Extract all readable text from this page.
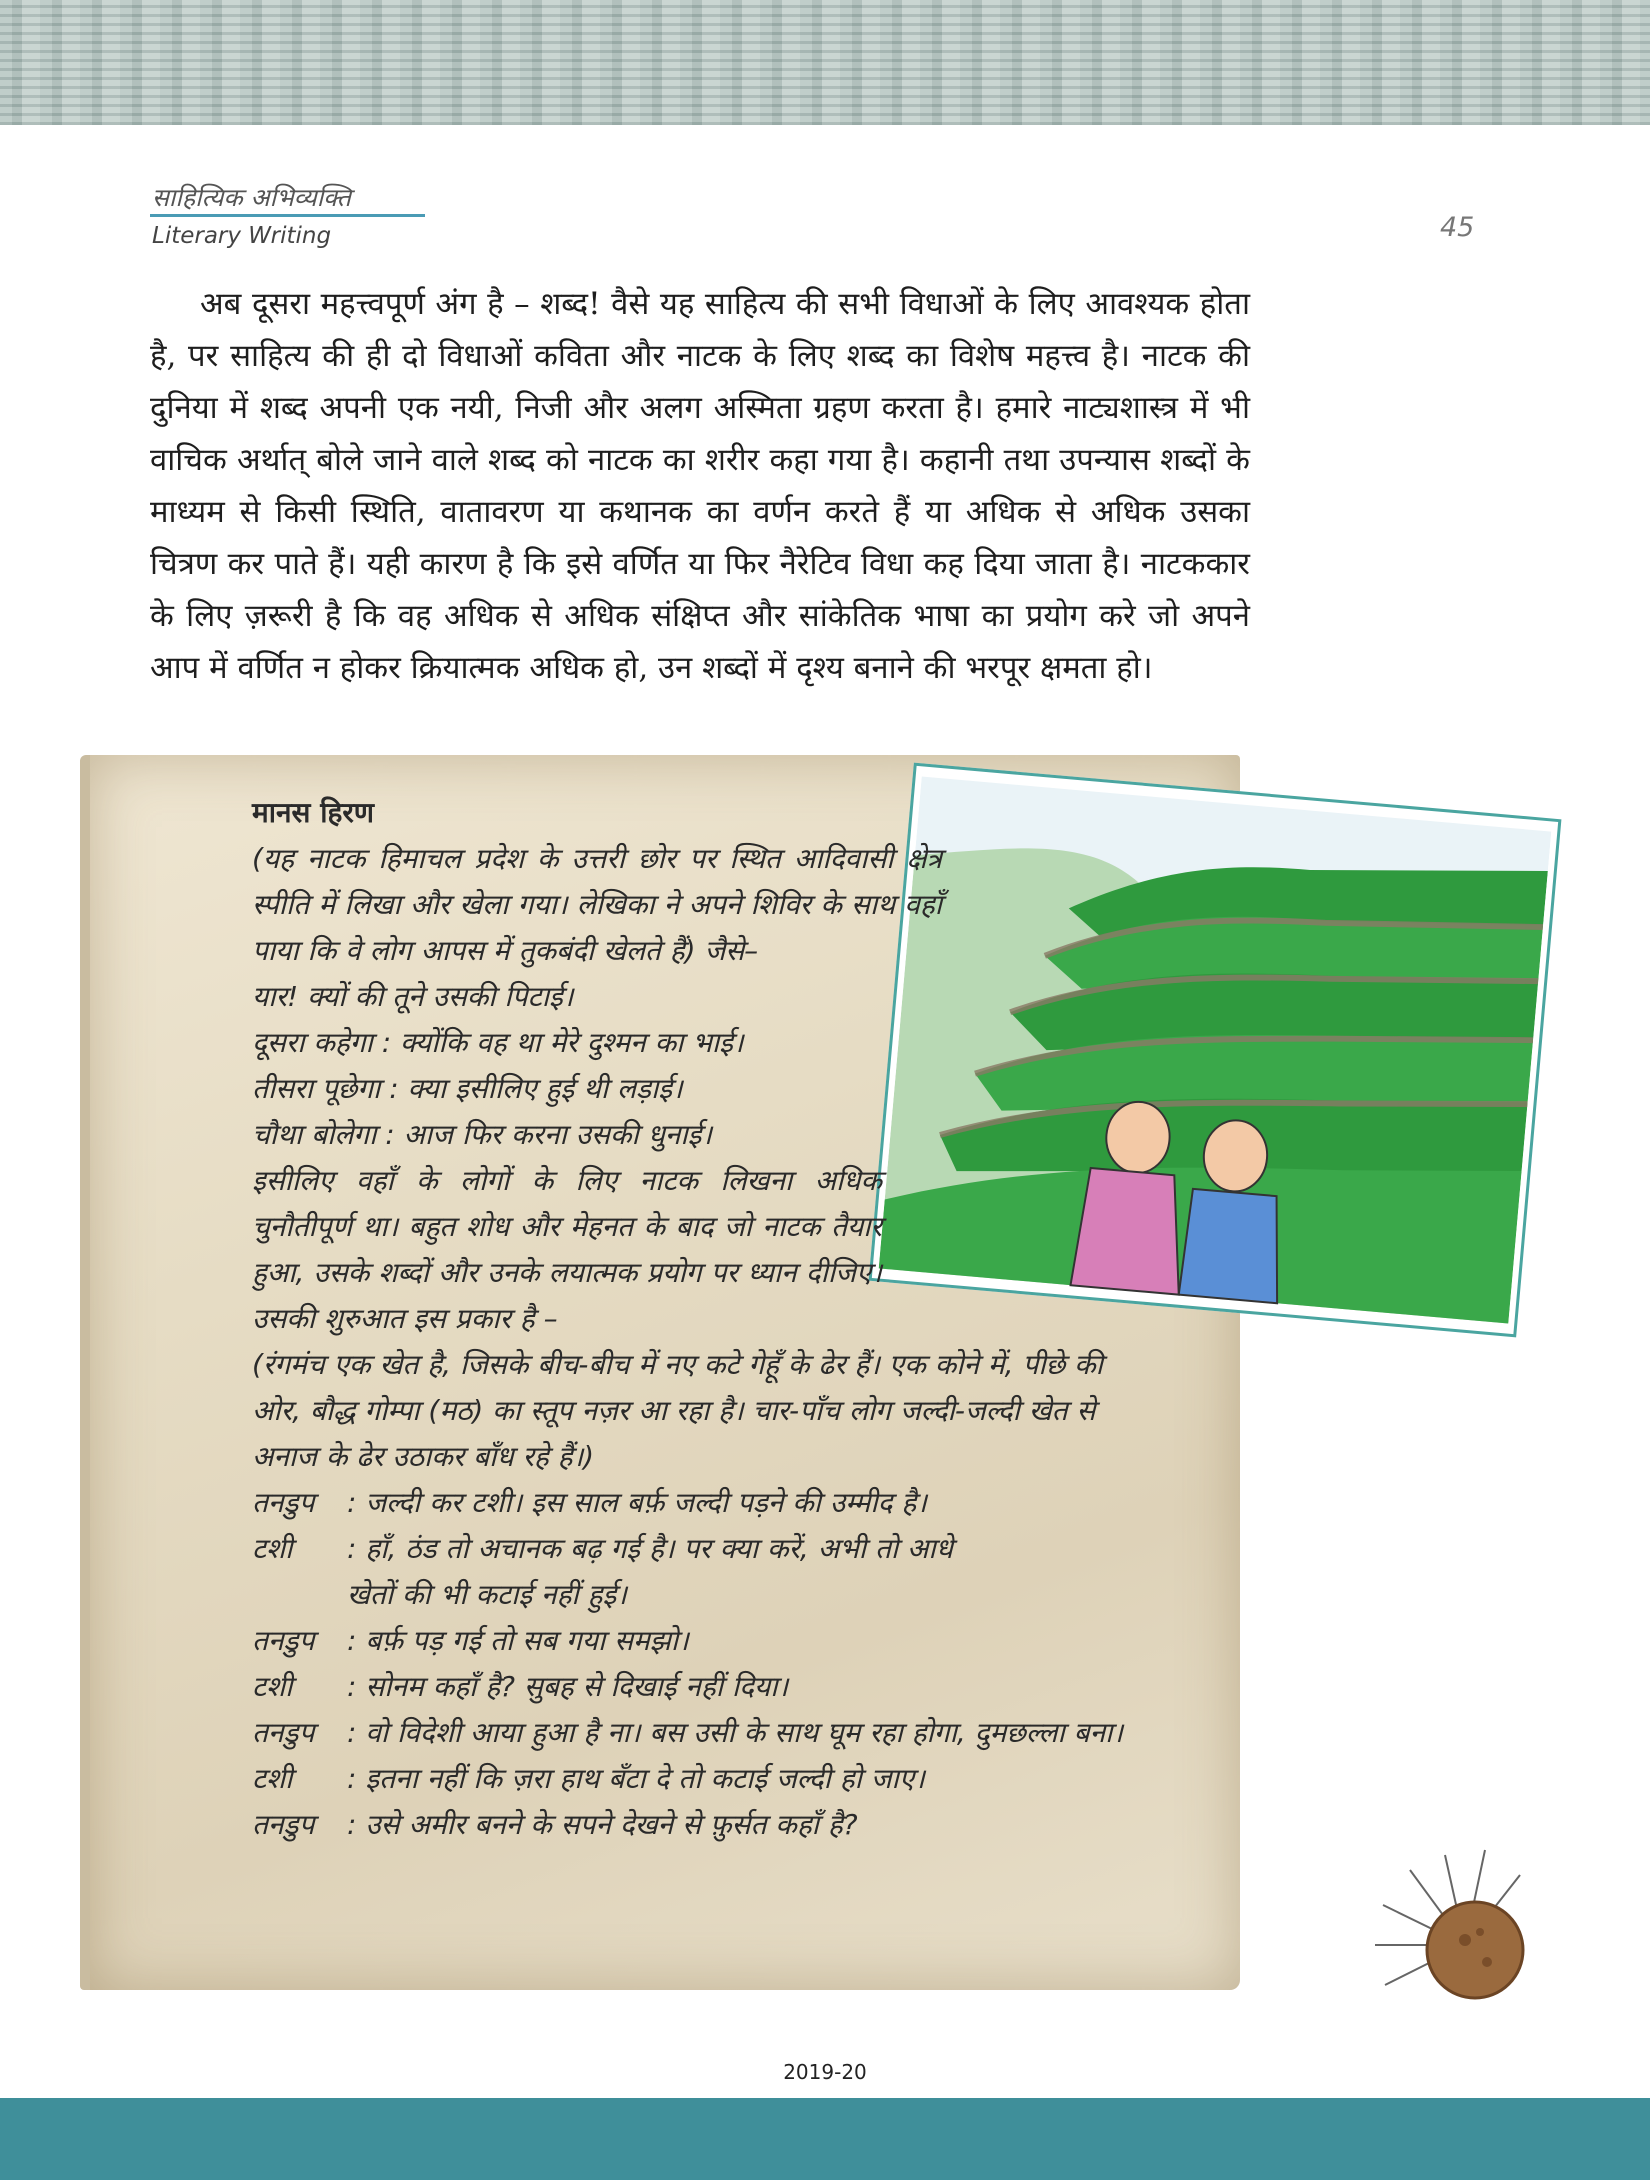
साहित्यिक अभिव्यक्ति
Literary Writing	45

अब दूसरा महत्त्वपूर्ण अंग है – शब्द! वैसे यह साहित्य की सभी विधाओं के लिए आवश्यक होता है, पर साहित्य की ही दो विधाओं कविता और नाटक के लिए शब्द का विशेष महत्त्व है। नाटक की दुनिया में शब्द अपनी एक नयी, निजी और अलग अस्मिता ग्रहण करता है। हमारे नाट्यशास्त्र में भी वाचिक अर्थात् बोले जाने वाले शब्द को नाटक का शरीर कहा गया है। कहानी तथा उपन्यास शब्दों के माध्यम से किसी स्थिति, वातावरण या कथानक का वर्णन करते हैं या अधिक से अधिक उसका चित्रण कर पाते हैं। यही कारण है कि इसे वर्णित या फिर नैरेटिव विधा कह दिया जाता है। नाटककार के लिए ज़रूरी है कि वह अधिक से अधिक संक्षिप्त और सांकेतिक भाषा का प्रयोग करे जो अपने आप में वर्णित न होकर क्रियात्मक अधिक हो, उन शब्दों में दृश्य बनाने की भरपूर क्षमता हो।

मानस हिरण

(यह नाटक हिमाचल प्रदेश के उत्तरी छोर पर स्थित आदिवासी क्षेत्र स्पीति में लिखा और खेला गया। लेखिका ने अपने शिविर के साथ वहाँ पाया कि वे लोग आपस में तुकबंदी खेलते हैं) जैसे–

यार! क्यों की तूने उसकी पिटाई।

दूसरा कहेगा : क्योंकि वह था मेरे दुश्मन का भाई।

तीसरा पूछेगा : क्या इसीलिए हुई थी लड़ाई।

चौथा बोलेगा : आज फिर करना उसकी धुनाई।

इसीलिए वहाँ के लोगों के लिए नाटक लिखना अधिक चुनौतीपूर्ण था। बहुत शोध और मेहनत के बाद जो नाटक तैयार हुआ, उसके शब्दों और उनके लयात्मक प्रयोग पर ध्यान दीजिए। उसकी शुरुआत इस प्रकार है –

(रंगमंच एक खेत है, जिसके बीच-बीच में नए कटे गेहूँ के ढेर हैं। एक कोने में, पीछे की ओर, बौद्ध गोम्पा (मठ) का स्तूप नज़र आ रहा है। चार-पाँच लोग जल्दी-जल्दी खेत से अनाज के ढेर उठाकर बाँध रहे हैं।)

तनडुप	: जल्दी कर टशी। इस साल बर्फ़ जल्दी पड़ने की उम्मीद है।
टशी	: हाँ, ठंड तो अचानक बढ़ गई है। पर क्या करें, अभी तो आधे खेतों की भी कटाई नहीं हुई।
तनडुप	: बर्फ़ पड़ गई तो सब गया समझो।
टशी	: सोनम कहाँ है? सुबह से दिखाई नहीं दिया।
तनडुप	: वो विदेशी आया हुआ है ना। बस उसी के साथ घूम रहा होगा, दुमछल्ला बना।
टशी	: इतना नहीं कि ज़रा हाथ बँटा दे तो कटाई जल्दी हो जाए।
तनडुप	: उसे अमीर बनने के सपने देखने से फ़ुर्सत कहाँ है?
2019-20
